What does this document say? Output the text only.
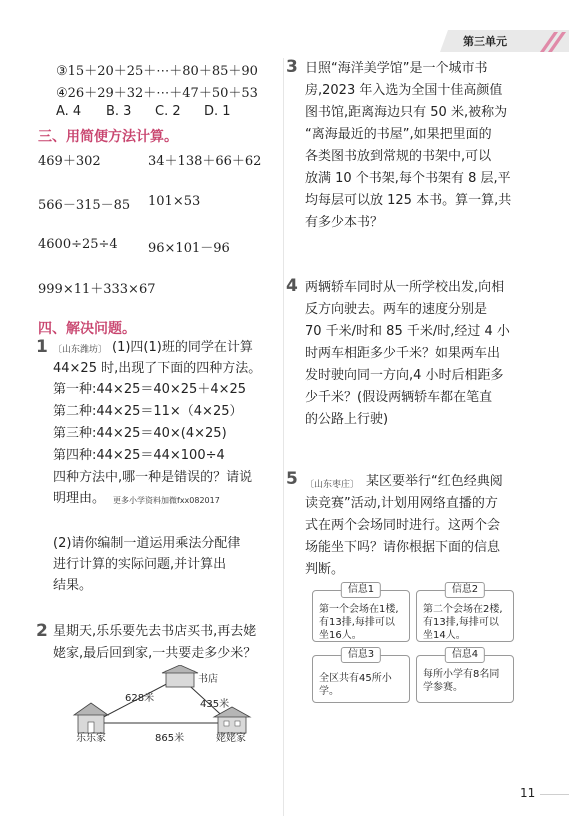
第三单元
③15＋20＋25＋⋯＋80＋85＋90
④26＋29＋32＋⋯＋47＋50＋53
A. 4 B. 3 C. 2 D. 1
三、用简便方法计算。
469＋302	34＋138＋66＋62
566－315－85 101×53
4600÷25÷4 96×101－96
999×11＋333×67
四、解决问题。
1 〔山东潍坊〕 (1)四(1)班的同学在计算
44×25 时,出现了下面的四种方法。
第一种:44×25＝40×25＋4×25
第二种:44×25＝11×（4×25）
第三种:44×25＝40×(4×25)
第四种:44×25＝44×100÷4
四种方法中,哪一种是错误的？请说
明理由。 更多小学资料加微fxx082017
(2)请你编制一道运用乘法分配律
进行计算的实际问题,并计算出
结果。
2 星期天,乐乐要先去书店买书,再去姥
姥家,最后回到家,一共要走多少米？
书店
628米
435米
乐乐家	865米	姥姥家
3 日照“海洋美学馆”是一个城市书
房,2023 年入选为全国十佳高颜值
图书馆,距离海边只有 50 米,被称为
“离海最近的书屋”,如果把里面的
各类图书放到常规的书架中,可以
放满 10 个书架,每个书架有 8 层,平
均每层可以放 125 本书。算一算,共
有多少本书？
4 两辆轿车同时从一所学校出发,向相
反方向驶去。两车的速度分别是
70 千米/时和 85 千米/时,经过 4 小
时两车相距多少千米？如果两车出
发时驶向同一方向,4 小时后相距多
少千米？(假设两辆轿车都在笔直
的公路上行驶)
5 〔山东枣庄〕 某区要举行“红色经典阅
读竞赛”活动,计划用网络直播的方
式在两个会场同时进行。这两个会
场能坐下吗？请你根据下面的信息
判断。
信息1
第一个会场在1楼,有13排,每排可以坐16人。
信息2
第二个会场在2楼,有13排,每排可以坐14人。
信息3
全区共有45所小学。
信息4
每所小学有8名同学参赛。
11
